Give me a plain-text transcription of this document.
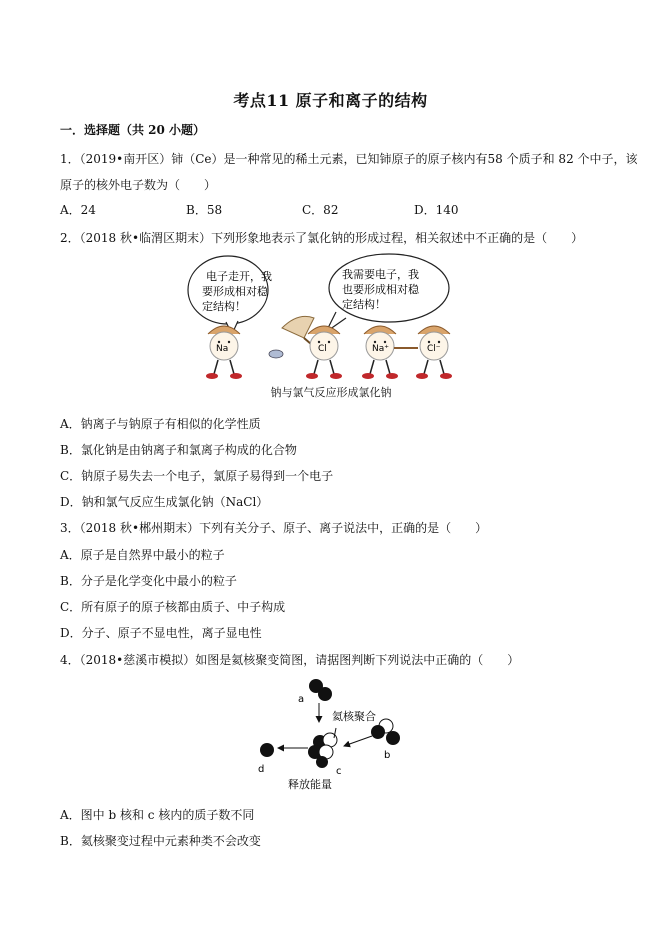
考点11 原子和离子的结构
一．选择题（共 20 小题）
1．（2019•南开区）铈（Ce）是一种常见的稀土元素，已知铈原子的原子核内有58 个质子和 82 个中子，该
原子的核外电子数为（　　）
A．24	B．58	C．82	D．140
2．（2018 秋•临渭区期末）下列形象地表示了氯化钠的形成过程，相关叙述中不正确的是（　　）
电子走开，我
要形成相对稳
定结构！
我需要电子，我
也要形成相对稳
定结构！
Na	Cl	Na⁺	Cl⁻
钠与氯气反应形成氯化钠
A．钠离子与钠原子有相似的化学性质
B．氯化钠是由钠离子和氯离子构成的化合物
C．钠原子易失去一个电子，氯原子易得到一个电子
D．钠和氯气反应生成氯化钠（NaCl）
3．（2018 秋•郴州期末）下列有关分子、原子、离子说法中，正确的是（　　）
A．原子是自然界中最小的粒子
B．分子是化学变化中最小的粒子
C．所有原子的原子核都由质子、中子构成
D．分子、原子不显电性，离子显电性
4．（2018•慈溪市模拟）如图是氦核聚变简图，请据图判断下列说法中正确的（　　）
a
氦核聚合
b
d	c
释放能量
A．图中 b 核和 c 核内的质子数不同
B．氦核聚变过程中元素种类不会改变
